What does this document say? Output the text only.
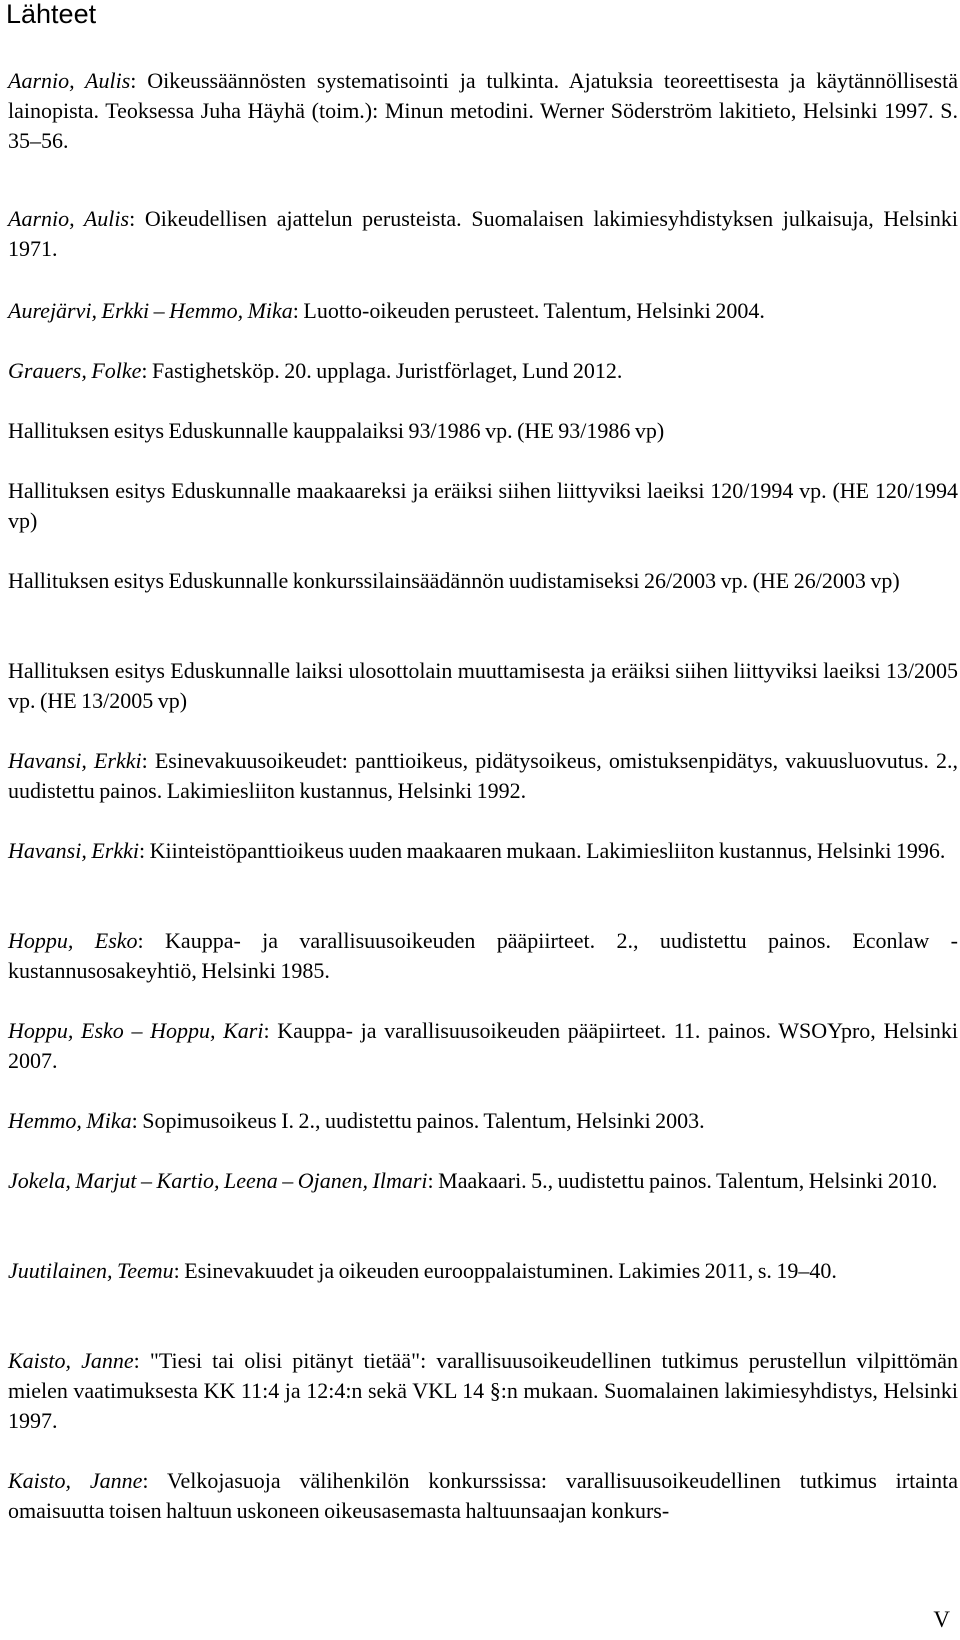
Lähteet

Aarnio, Aulis: Oikeussäännösten systematisointi ja tulkinta. Ajatuksia teoreettisesta ja käytännöllisestä lainopista. Teoksessa Juha Häyhä (toim.): Minun metodini. Werner Söderström lakitieto, Helsinki 1997. S. 35–56.

Aarnio, Aulis: Oikeudellisen ajattelun perusteista. Suomalaisen lakimiesyhdistyksen julkaisuja, Helsinki 1971.

Aurejärvi, Erkki – Hemmo, Mika: Luotto-oikeuden perusteet. Talentum, Helsinki 2004.

Grauers, Folke: Fastighetsköp. 20. upplaga. Juristförlaget, Lund 2012.

Hallituksen esitys Eduskunnalle kauppalaiksi 93/1986 vp. (HE 93/1986 vp)

Hallituksen esitys Eduskunnalle maakaareksi ja eräiksi siihen liittyviksi laeiksi 120/1994 vp. (HE 120/1994 vp)

Hallituksen esitys Eduskunnalle konkurssilainsäädännön uudistamiseksi 26/2003 vp. (HE 26/2003 vp)

Hallituksen esitys Eduskunnalle laiksi ulosottolain muuttamisesta ja eräiksi siihen liittyviksi laeiksi 13/2005 vp. (HE 13/2005 vp)

Havansi, Erkki: Esinevakuusoikeudet: panttioikeus, pidätysoikeus, omistuksenpidätys, vakuusluovutus. 2., uudistettu painos. Lakimiesliiton kustannus, Helsinki 1992.

Havansi, Erkki: Kiinteistöpanttioikeus uuden maakaaren mukaan. Lakimiesliiton kustannus, Helsinki 1996.

Hoppu, Esko: Kauppa- ja varallisuusoikeuden pääpiirteet. 2., uudistettu painos. Econlaw -kustannusosakeyhtiö, Helsinki 1985.

Hoppu, Esko – Hoppu, Kari: Kauppa- ja varallisuusoikeuden pääpiirteet. 11. painos. WSOYpro, Helsinki 2007.

Hemmo, Mika: Sopimusoikeus I. 2., uudistettu painos. Talentum, Helsinki 2003.

Jokela, Marjut – Kartio, Leena – Ojanen, Ilmari: Maakaari. 5., uudistettu painos. Talentum, Helsinki 2010.

Juutilainen, Teemu: Esinevakuudet ja oikeuden eurooppalaistuminen. Lakimies 2011, s. 19–40.

Kaisto, Janne: "Tiesi tai olisi pitänyt tietää": varallisuusoikeudellinen tutkimus perustellun vilpittömän mielen vaatimuksesta KK 11:4 ja 12:4:n sekä VKL 14 §:n mukaan. Suomalainen lakimiesyhdistys, Helsinki 1997.

Kaisto, Janne: Velkojasuoja välihenkilön konkurssissa: varallisuusoikeudellinen tutkimus irtainta omaisuutta toisen haltuun uskoneen oikeusasemasta haltuunsaajan konkurs-

V
